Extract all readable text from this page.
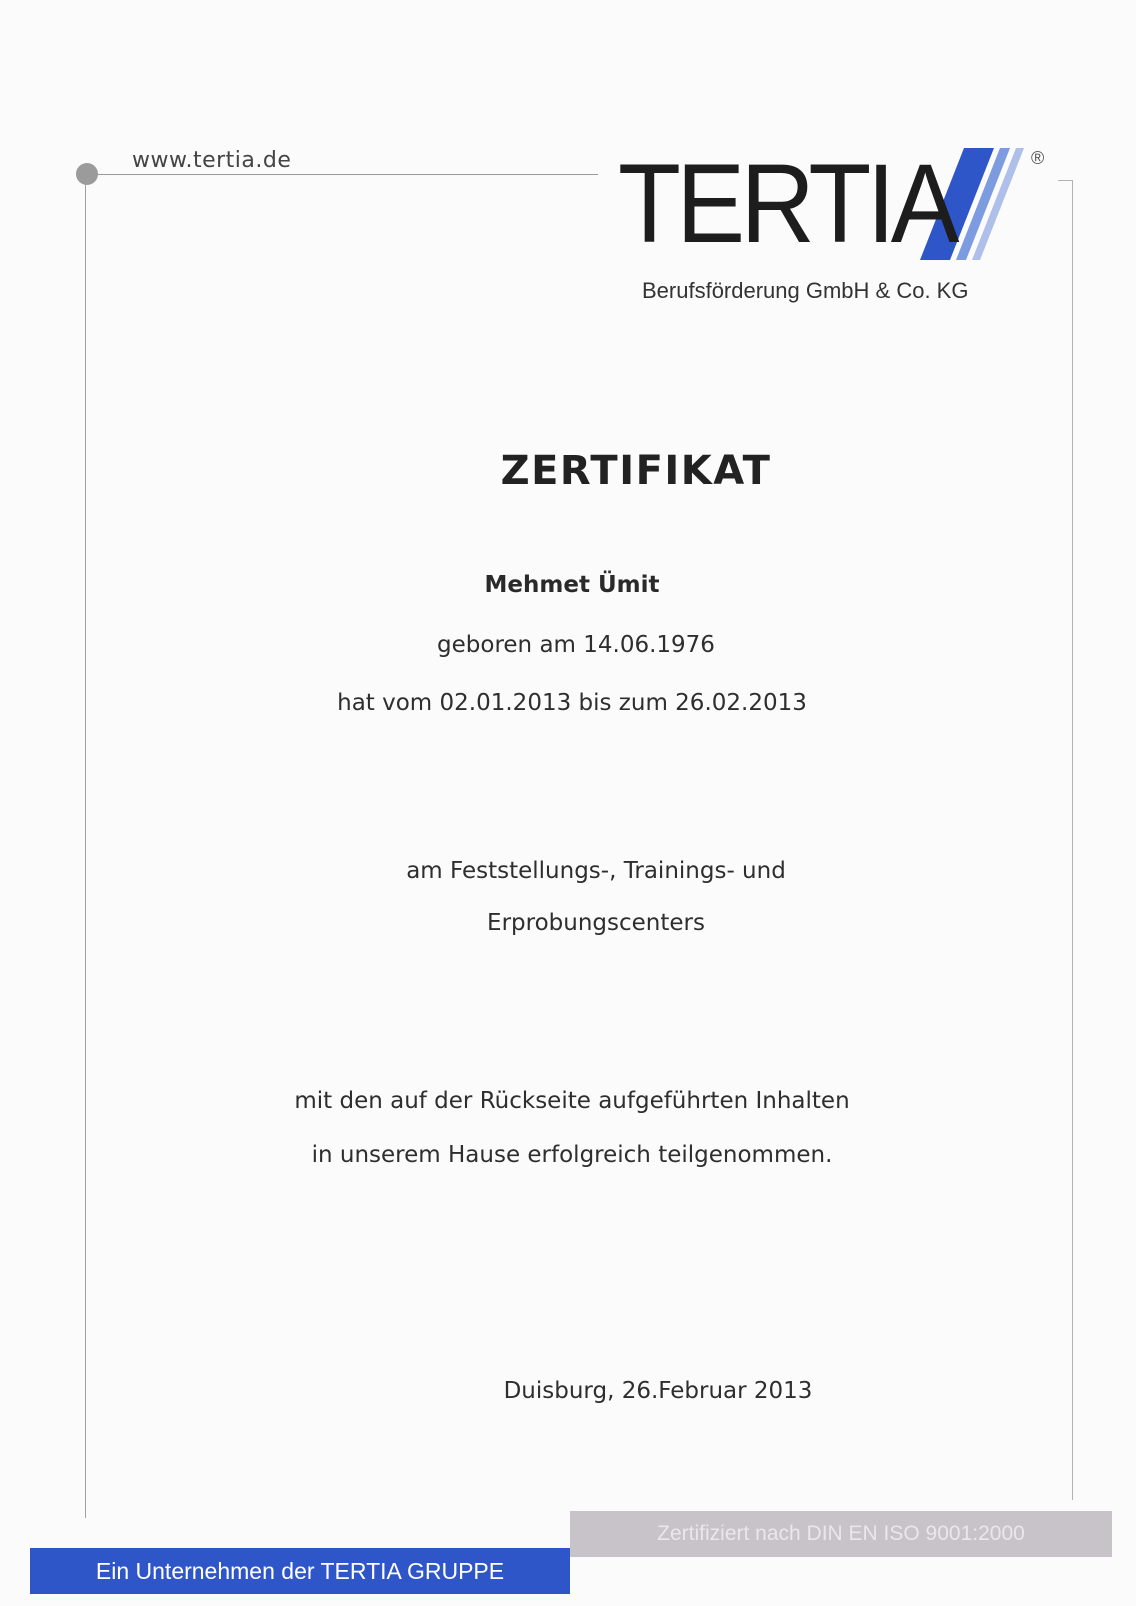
www.tertia.de	TERTIA	®
Berufsförderung GmbH & Co. KG
ZERTIFIKAT
Mehmet Ümit
geboren am 14.06.1976
hat vom 02.01.2013 bis zum 26.02.2013
am Feststellungs-, Trainings- und
Erprobungscenters
mit den auf der Rückseite aufgeführten Inhalten
in unserem Hause erfolgreich teilgenommen.
Duisburg, 26.Februar 2013
Zertifiziert nach DIN EN ISO 9001:2000
Ein Unternehmen der TERTIA GRUPPE
